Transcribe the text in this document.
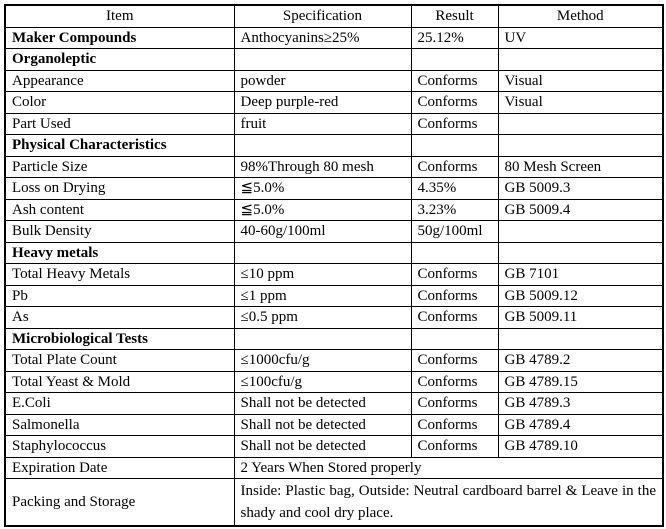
Item	Specification	Result	Method
Maker Compounds	Anthocyanins≥25%	25.12%	UV
Organoleptic			
Appearance	powder	Conforms	Visual
Color	Deep purple-red	Conforms	Visual
Part Used	fruit	Conforms	
Physical Characteristics			
Particle Size	98%Through 80 mesh	Conforms	80 Mesh Screen
Loss on Drying	≦5.0%	4.35%	GB 5009.3
Ash content	≦5.0%	3.23%	GB 5009.4
Bulk Density	40-60g/100ml	50g/100ml	
Heavy metals			
Total Heavy Metals	≤10 ppm	Conforms	GB 7101
Pb	≤1 ppm	Conforms	GB 5009.12
As	≤0.5 ppm	Conforms	GB 5009.11
Microbiological Tests			
Total Plate Count	≤1000cfu/g	Conforms	GB 4789.2
Total Yeast & Mold	≤100cfu/g	Conforms	GB 4789.15
E.Coli	Shall not be detected	Conforms	GB 4789.3
Salmonella	Shall not be detected	Conforms	GB 4789.4
Staphylococcus	Shall not be detected	Conforms	GB 4789.10
Expiration Date	2 Years When Stored properly		
Packing and Storage	Inside: Plastic bag, Outside: Neutral cardboard barrel & Leave in the shady and cool dry place.		
